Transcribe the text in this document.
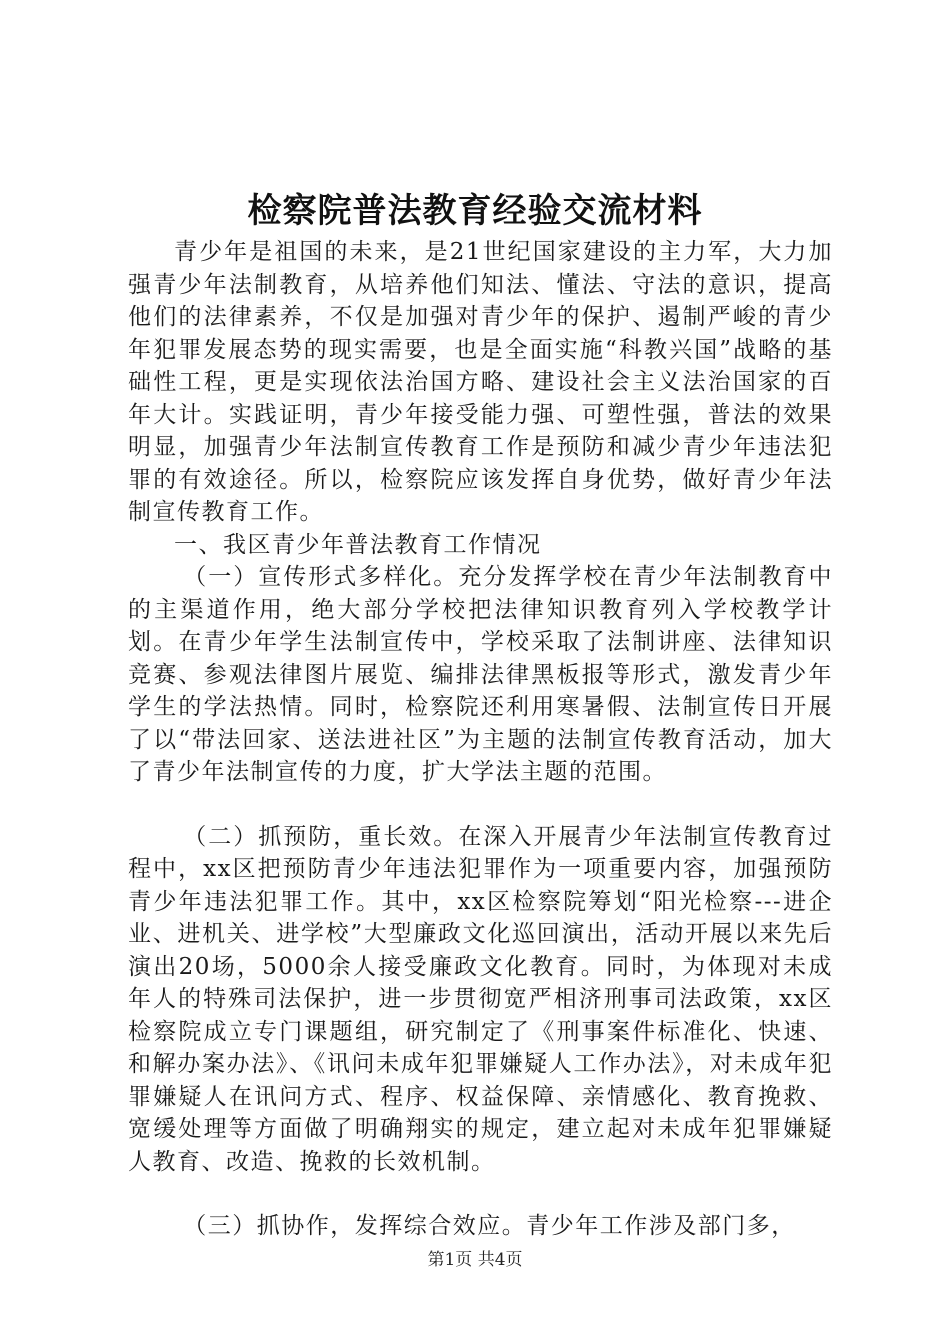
检察院普法教育经验交流材料

青少年是祖国的未来，是21世纪国家建设的主力军，大力加强青少年法制教育，从培养他们知法、懂法、守法的意识，提高他们的法律素养，不仅是加强对青少年的保护、遏制严峻的青少年犯罪发展态势的现实需要，也是全面实施“科教兴国”战略的基础性工程，更是实现依法治国方略、建设社会主义法治国家的百年大计。实践证明，青少年接受能力强、可塑性强，普法的效果明显，加强青少年法制宣传教育工作是预防和减少青少年违法犯罪的有效途径。所以，检察院应该发挥自身优势，做好青少年法制宣传教育工作。

一、我区青少年普法教育工作情况

（一）宣传形式多样化。充分发挥学校在青少年法制教育中的主渠道作用，绝大部分学校把法律知识教育列入学校教学计划。在青少年学生法制宣传中，学校采取了法制讲座、法律知识竞赛、参观法律图片展览、编排法律黑板报等形式，激发青少年学生的学法热情。同时，检察院还利用寒暑假、法制宣传日开展了以“带法回家、送法进社区”为主题的法制宣传教育活动，加大了青少年法制宣传的力度，扩大学法主题的范围。

（二）抓预防，重长效。在深入开展青少年法制宣传教育过程中，xx区把预防青少年违法犯罪作为一项重要内容，加强预防青少年违法犯罪工作。其中，xx区检察院筹划“阳光检察---进企业、进机关、进学校”大型廉政文化巡回演出，活动开展以来先后演出20场，5000余人接受廉政文化教育。同时，为体现对未成年人的特殊司法保护，进一步贯彻宽严相济刑事司法政策，xx区检察院成立专门课题组，研究制定了《刑事案件标准化、快速、和解办案办法》、《讯问未成年犯罪嫌疑人工作办法》，对未成年犯罪嫌疑人在讯问方式、程序、权益保障、亲情感化、教育挽救、宽缓处理等方面做了明确翔实的规定，建立起对未成年犯罪嫌疑人教育、改造、挽救的长效机制。

（三）抓协作，发挥综合效应。青少年工作涉及部门多，

第1页 共4页
